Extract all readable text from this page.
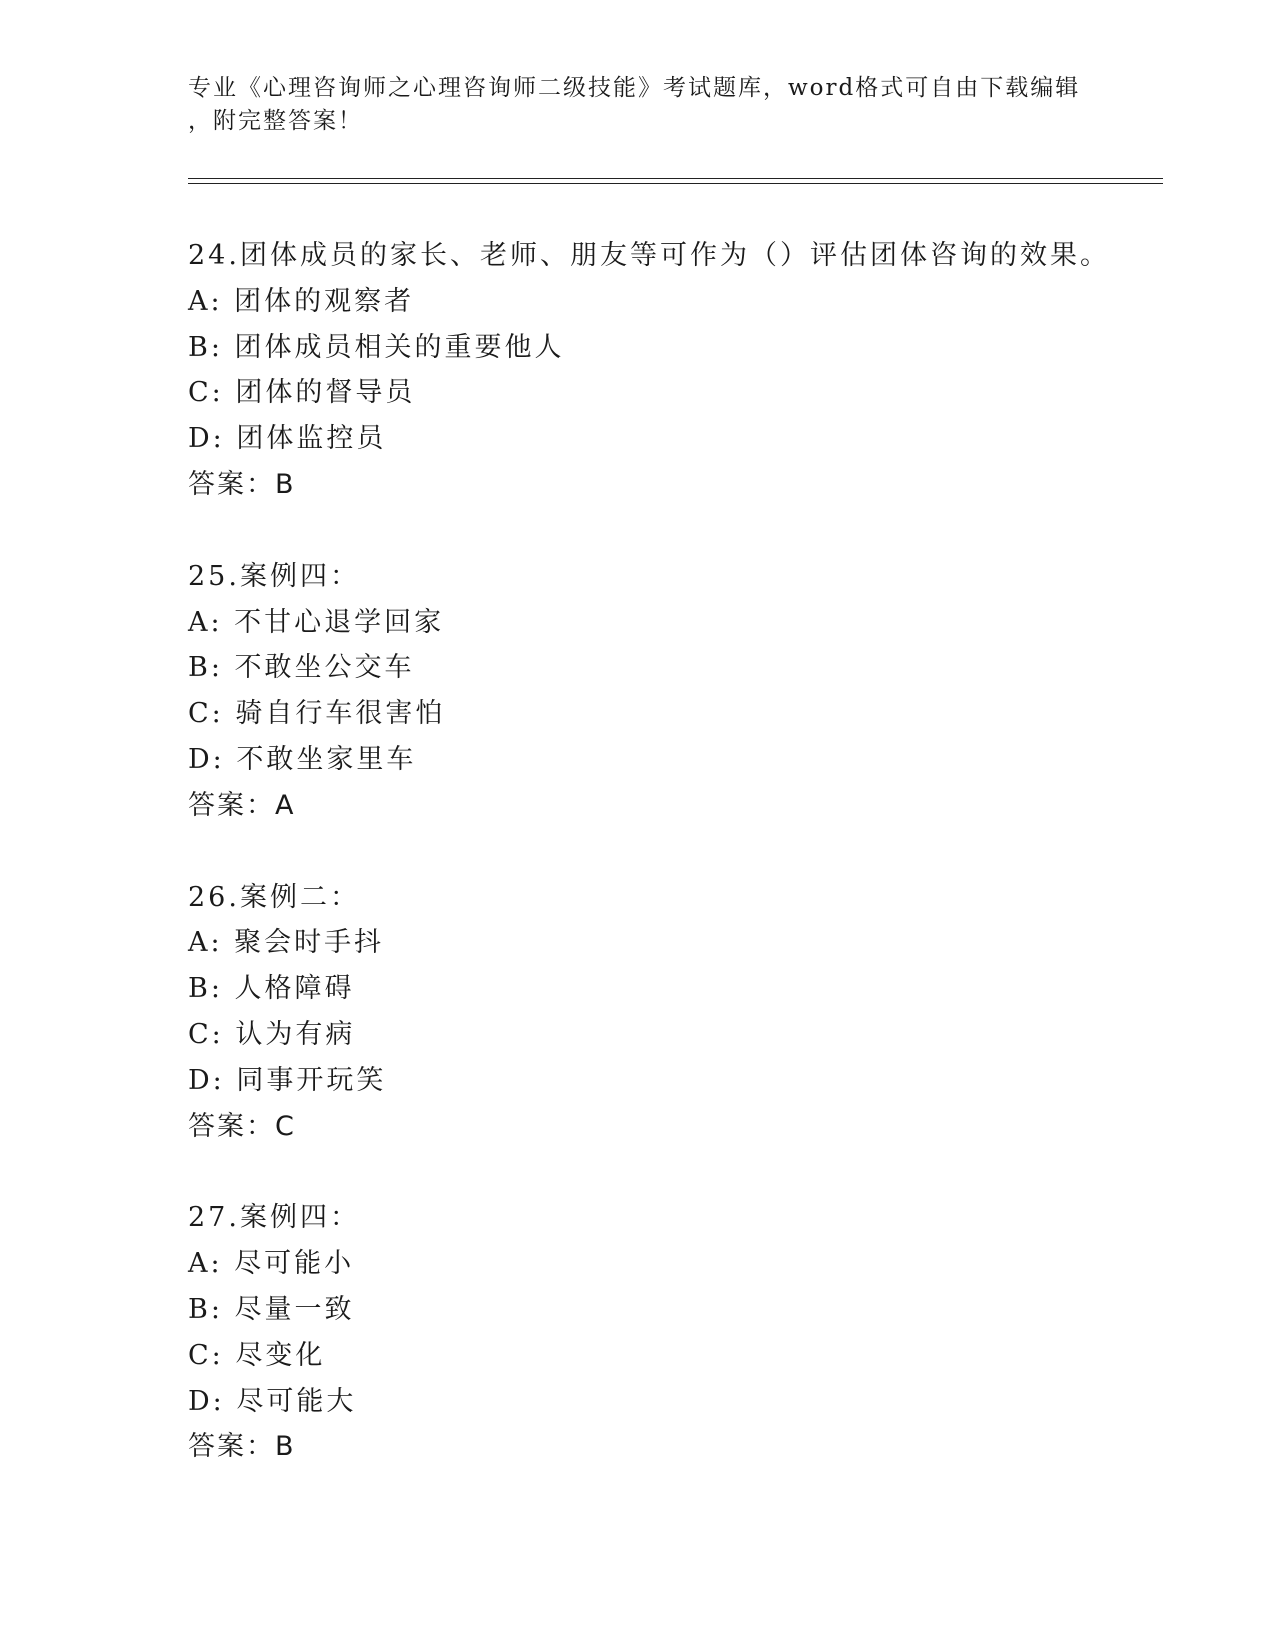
专业《心理咨询师之心理咨询师二级技能》考试题库，word格式可自由下载编辑
，附完整答案！
24.团体成员的家长、老师、朋友等可作为（）评估团体咨询的效果。
A: 团体的观察者
B: 团体成员相关的重要他人
C: 团体的督导员
D: 团体监控员
答案：B
25.案例四：
A: 不甘心退学回家
B: 不敢坐公交车
C: 骑自行车很害怕
D: 不敢坐家里车
答案：A
26.案例二：
A: 聚会时手抖
B: 人格障碍
C: 认为有病
D: 同事开玩笑
答案：C
27.案例四：
A: 尽可能小
B: 尽量一致
C: 尽变化
D: 尽可能大
答案：B
